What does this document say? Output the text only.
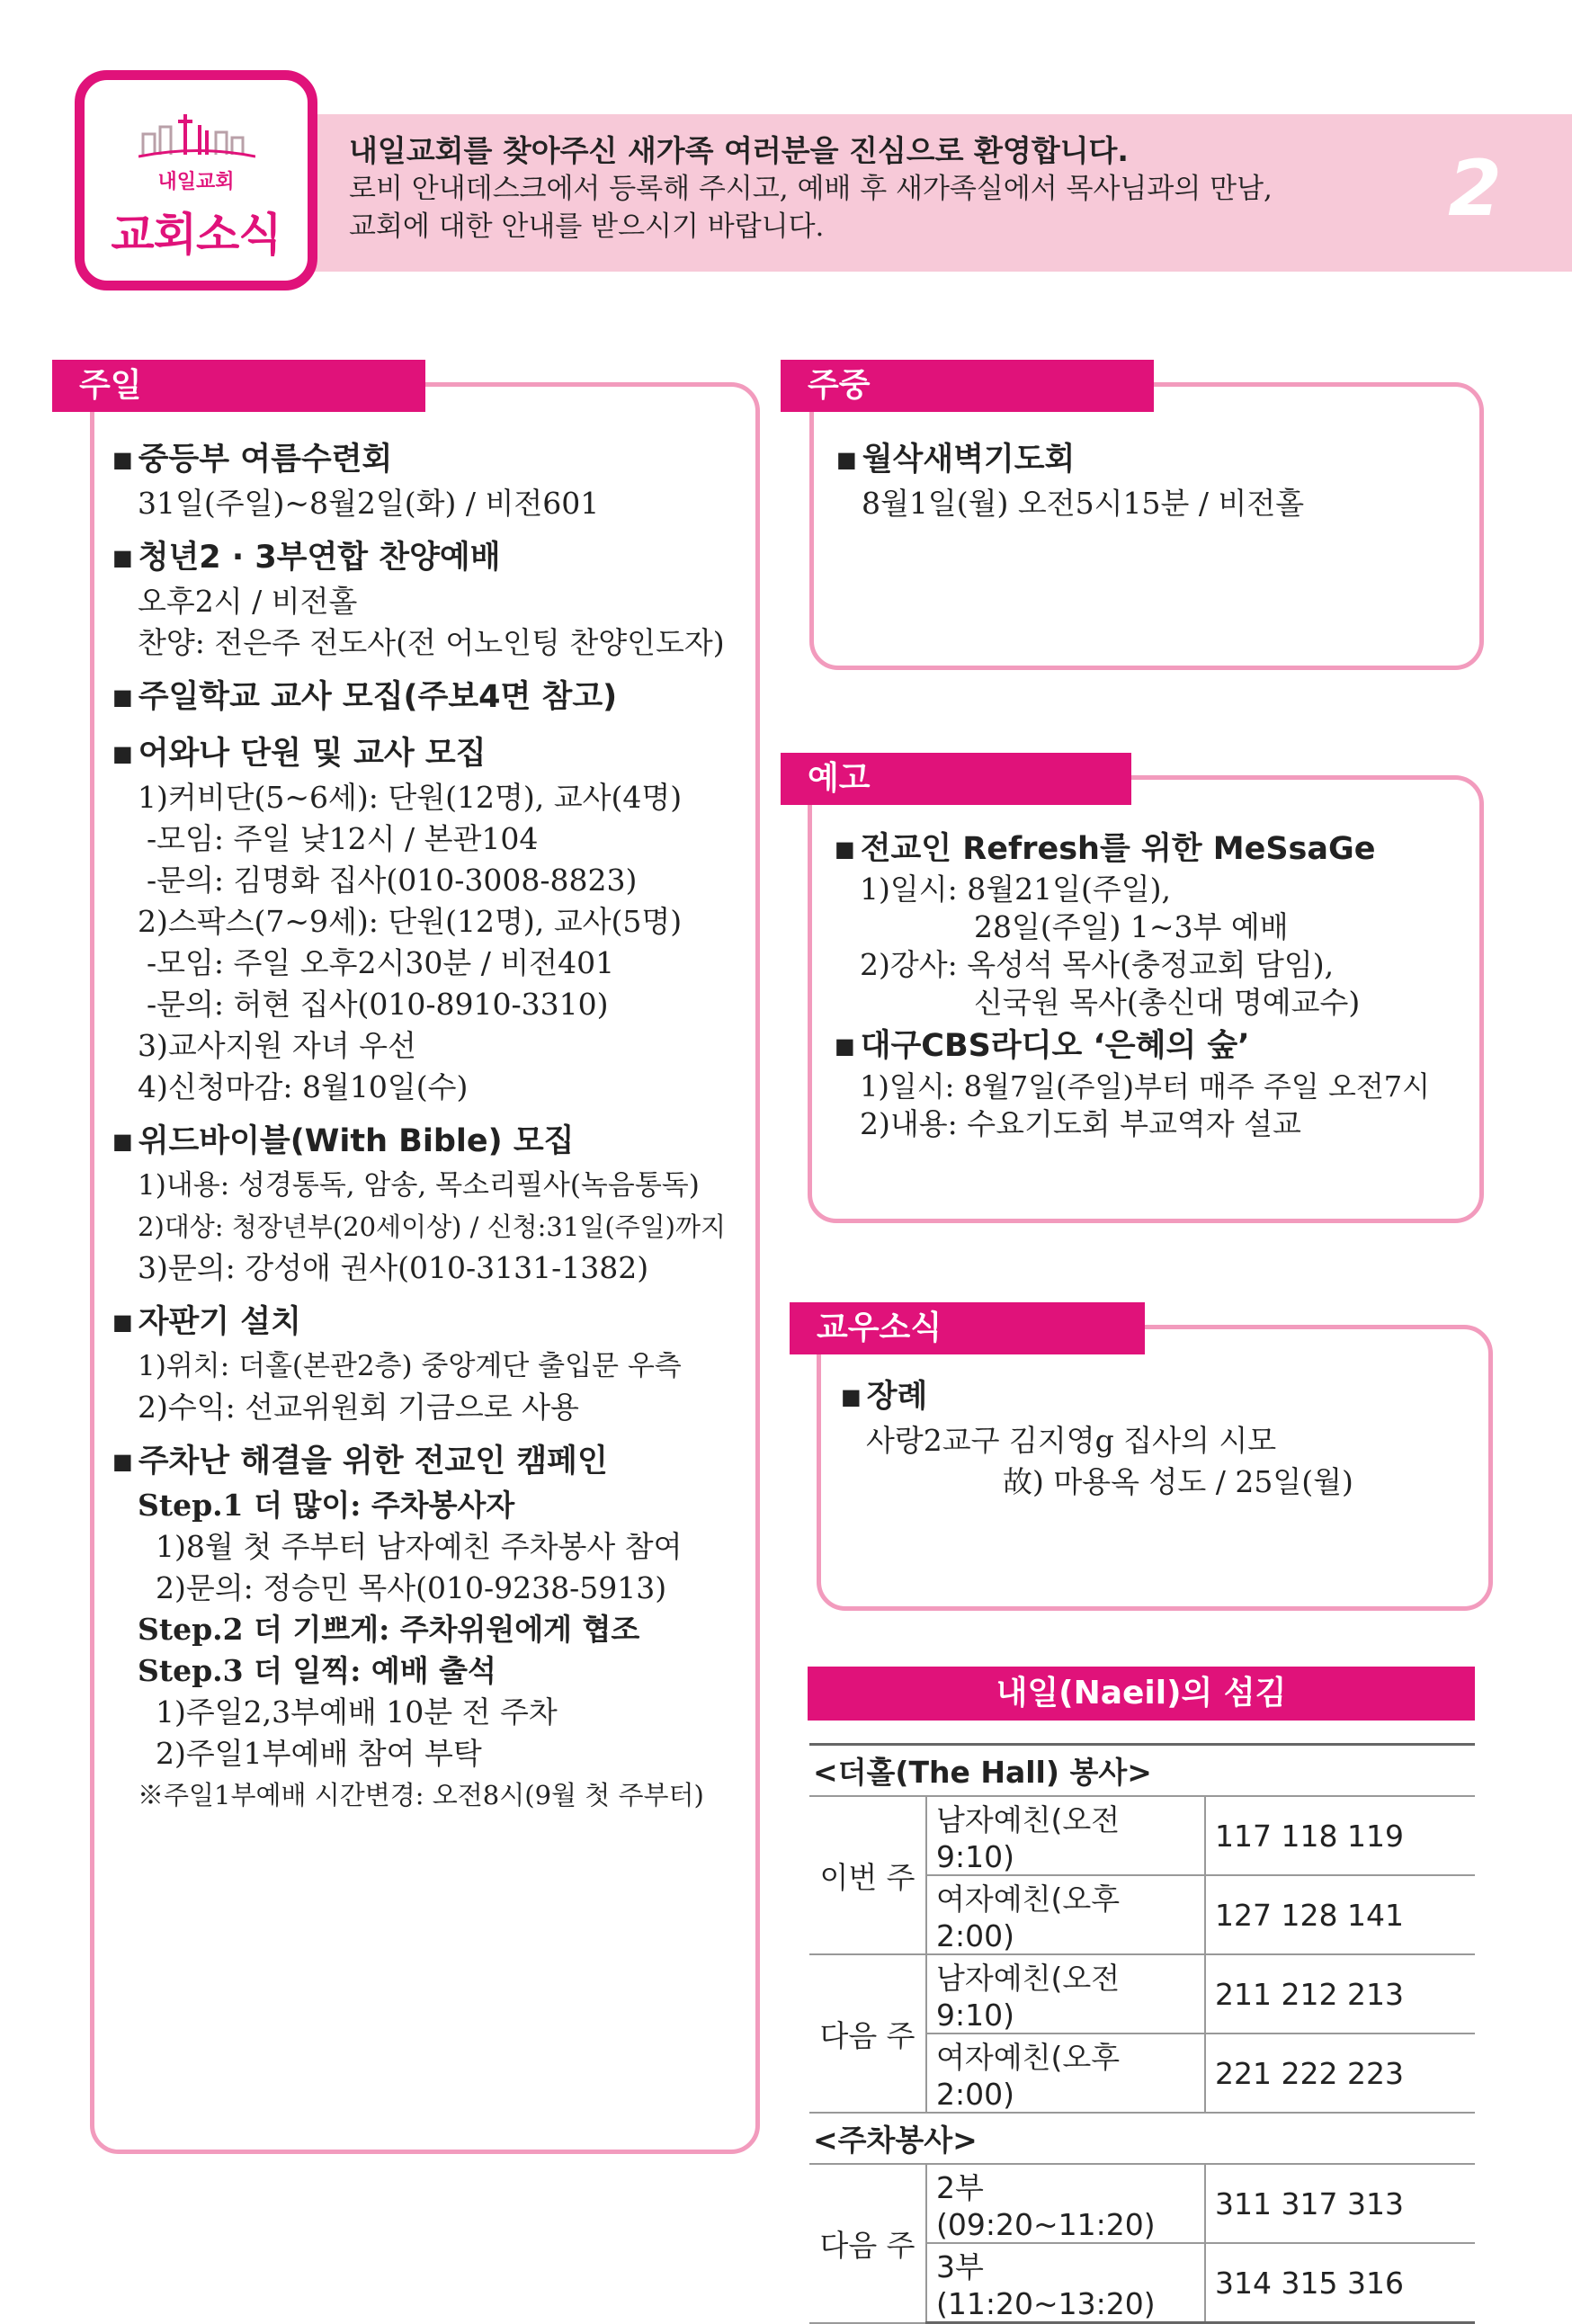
내일교회
교회소식
내일교회를 찾아주신 새가족 여러분을 진심으로 환영합니다.
로비 안내데스크에서 등록해 주시고, 예배 후 새가족실에서 목사님과의 만남,
교회에 대한 안내를 받으시기 바랍니다.	2
주일
■ 중등부 여름수련회
31일(주일)~8월2일(화) / 비전601
■ 청년2 · 3부연합 찬양예배
오후2시 / 비전홀
찬양: 전은주 전도사(전 어노인팅 찬양인도자)
■ 주일학교 교사 모집(주보4면 참고)
■ 어와나 단원 및 교사 모집
1)커비단(5~6세): 단원(12명), 교사(4명)
-모임: 주일 낮12시 / 본관104
-문의: 김명화 집사(010-3008-8823)
2)스팍스(7~9세): 단원(12명), 교사(5명)
-모임: 주일 오후2시30분 / 비전401
-문의: 허현 집사(010-8910-3310)
3)교사지원 자녀 우선
4)신청마감: 8월10일(수)
■ 위드바이블(With Bible) 모집
1)내용: 성경통독, 암송, 목소리필사(녹음통독)
2)대상: 청장년부(20세이상) / 신청:31일(주일)까지
3)문의: 강성애 권사(010-3131-1382)
■ 자판기 설치
1)위치: 더홀(본관2층) 중앙계단 출입문 우측
2)수익: 선교위원회 기금으로 사용
■ 주차난 해결을 위한 전교인 캠페인
Step.1 더 많이: 주차봉사자
1)8월 첫 주부터 남자예친 주차봉사 참여
2)문의: 정승민 목사(010-9238-5913)
Step.2 더 기쁘게: 주차위원에게 협조
Step.3 더 일찍: 예배 출석
1)주일2,3부예배 10분 전 주차
2)주일1부예배 참여 부탁
※주일1부예배 시간변경: 오전8시(9월 첫 주부터)
주중
■ 월삭새벽기도회
8월1일(월) 오전5시15분 / 비전홀
예고
■ 전교인 Refresh를 위한 MeSsaGe
1)일시: 8월21일(주일),
28일(주일) 1~3부 예배
2)강사: 옥성석 목사(충정교회 담임),
신국원 목사(총신대 명예교수)
■ 대구CBS라디오 ‘은혜의 숲’
1)일시: 8월7일(주일)부터 매주 주일 오전7시
2)내용: 수요기도회 부교역자 설교
교우소식
■ 장례
사랑2교구 김지영g 집사의 시모
故) 마용옥 성도 / 25일(월)
내일(Naeil)의 섬김
<더홀(The Hall) 봉사>		
이번 주	남자예친(오전9:10)	117 118 119
	여자예친(오후2:00)	127 128 141
다음 주	남자예친(오전9:10)	211 212 213
	여자예친(오후2:00)	221 222 223
<주차봉사>		
다음 주	2부(09:20~11:20)	311 317 313
	3부(11:20~13:20)	314 315 316
